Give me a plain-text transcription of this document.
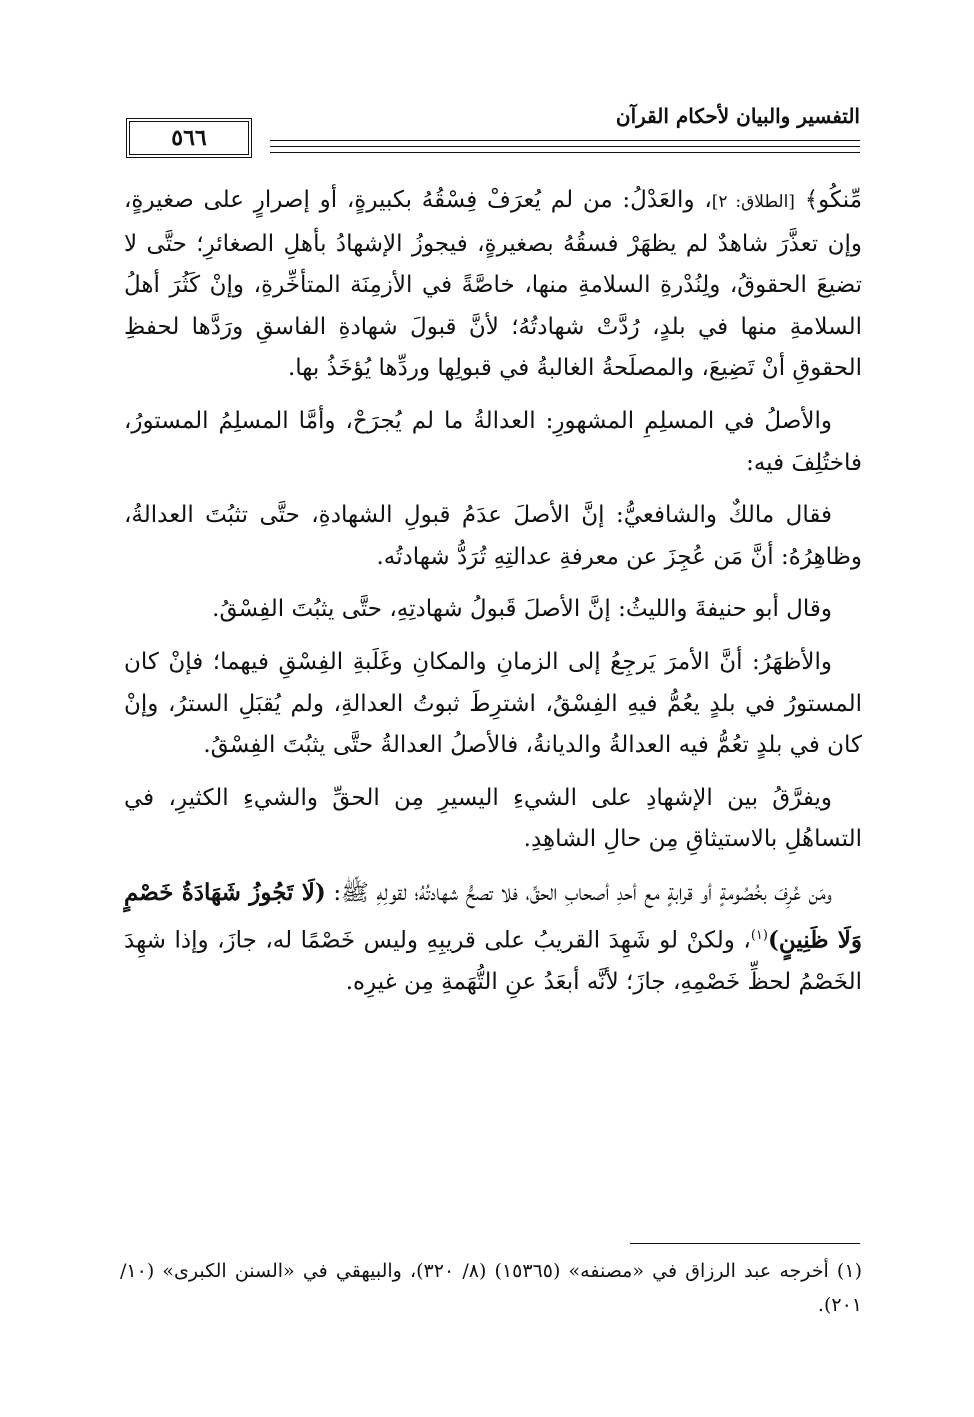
التفسير والبيان لأحكام القرآن
٥٦٦

مِّنكُو﴾ [الطلاق: ٢]، والعَدْلُ: من لم يُعرَفْ فِسْقُهُ بكبيرةٍ، أو إصرارٍ على صغيرةٍ، وإن تعذَّرَ شاهدٌ لم يظهَرْ فسقُهُ بصغيرةٍ، فيجوزُ الإشهادُ بأهلِ الصغائرِ؛ حتَّى لا تضيعَ الحقوقُ، ولِنُدْرةِ السلامةِ منها، خاصَّةً في الأزمِنَة المتأخِّرةِ، وإنْ كَثُرَ أهلُ السلامةِ منها في بلدٍ، رُدَّتْ شهادتُهُ؛ لأنَّ قبولَ شهادةِ الفاسقِ ورَدَّها لحفظِ الحقوقِ أنْ تَضِيعَ، والمصلَحةُ الغالبةُ في قبولِها وردِّها يُؤخَذُ بها.

والأصلُ في المسلِمِ المشهورِ: العدالةُ ما لم يُجرَحْ، وأمَّا المسلِمُ المستورُ، فاختُلِفَ فيه:

فقال مالكٌ والشافعيُّ: إنَّ الأصلَ عدَمُ قبولِ الشهادةِ، حتَّى تثبُتَ العدالةُ، وظاهِرُهُ: أنَّ مَن عُجِزَ عن معرفةِ عدالتِهِ تُرَدُّ شهادتُه.

وقال أبو حنيفةَ والليثُ: إنَّ الأصلَ قَبولُ شهادتِهِ، حتَّى يثبُتَ الفِسْقُ.

والأظهَرُ: أنَّ الأمرَ يَرجِعُ إلى الزمانِ والمكانِ وغَلَبةِ الفِسْقِ فيهما؛ فإنْ كان المستورُ في بلدٍ يعُمُّ فيهِ الفِسْقُ، اشترِطَ ثبوتُ العدالةِ، ولم يُقبَلِ السترُ، وإنْ كان في بلدٍ تعُمُّ فيه العدالةُ والديانةُ، فالأصلُ العدالةُ حتَّى يثبُتَ الفِسْقُ.

ويفرَّقُ بين الإشهادِ على الشيءِ اليسيرِ مِن الحقِّ والشيءِ الكثيرِ، في التساهُلِ بالاستيثاقِ مِن حالِ الشاهِدِ.

ومَن عُرِفَ بخُصُومةٍ أو قرابةٍ مع أحدِ أصحابِ الحقِّ، فلا تصحُّ شهادتُهُ؛ لقولِهِ ﷺ: (لَا تَجُوزُ شَهَادَةُ خَصْمٍ وَلَا ظَنِينٍ)$^{(١)}$، ولكنْ لو شَهِدَ القريبُ على قريبِهِ وليس خَصْمًا له، جازَ، وإذا شهِدَ الخَصْمُ لحظِّ خَصْمِهِ، جازَ؛ لأنَّه أبعَدُ عنِ التُّهَمةِ مِن غيرِه.

(١) أخرجه عبد الرزاق في «مصنفه» (١٥٣٦٥) (٨/ ٣٢٠)، والبيهقي في «السنن الكبرى» (١٠/ ٢٠١).
